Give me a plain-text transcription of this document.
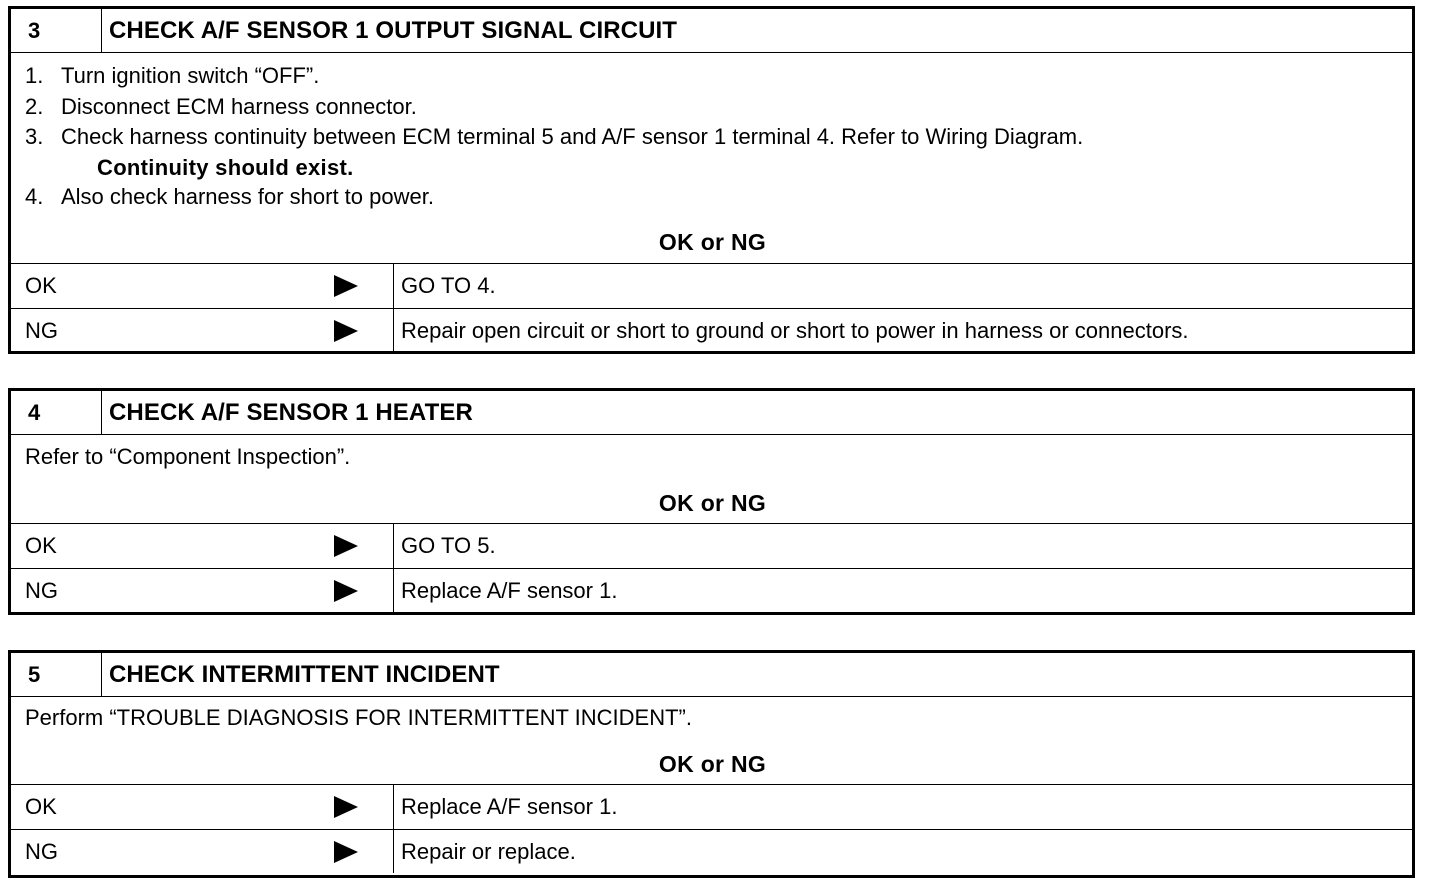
3	CHECK A/F SENSOR 1 OUTPUT SIGNAL CIRCUIT
1. Turn ignition switch “OFF”.
2. Disconnect ECM harness connector.
3. Check harness continuity between ECM terminal 5 and A/F sensor 1 terminal 4. Refer to Wiring Diagram.
Continuity should exist.
4. Also check harness for short to power.
OK or NG
OK	GO TO 4.
NG	Repair open circuit or short to ground or short to power in harness or connectors.
4	CHECK A/F SENSOR 1 HEATER
Refer to “Component Inspection”.
OK or NG
OK	GO TO 5.
NG	Replace A/F sensor 1.
5	CHECK INTERMITTENT INCIDENT
Perform “TROUBLE DIAGNOSIS FOR INTERMITTENT INCIDENT”.
OK or NG
OK	Replace A/F sensor 1.
NG	Repair or replace.
